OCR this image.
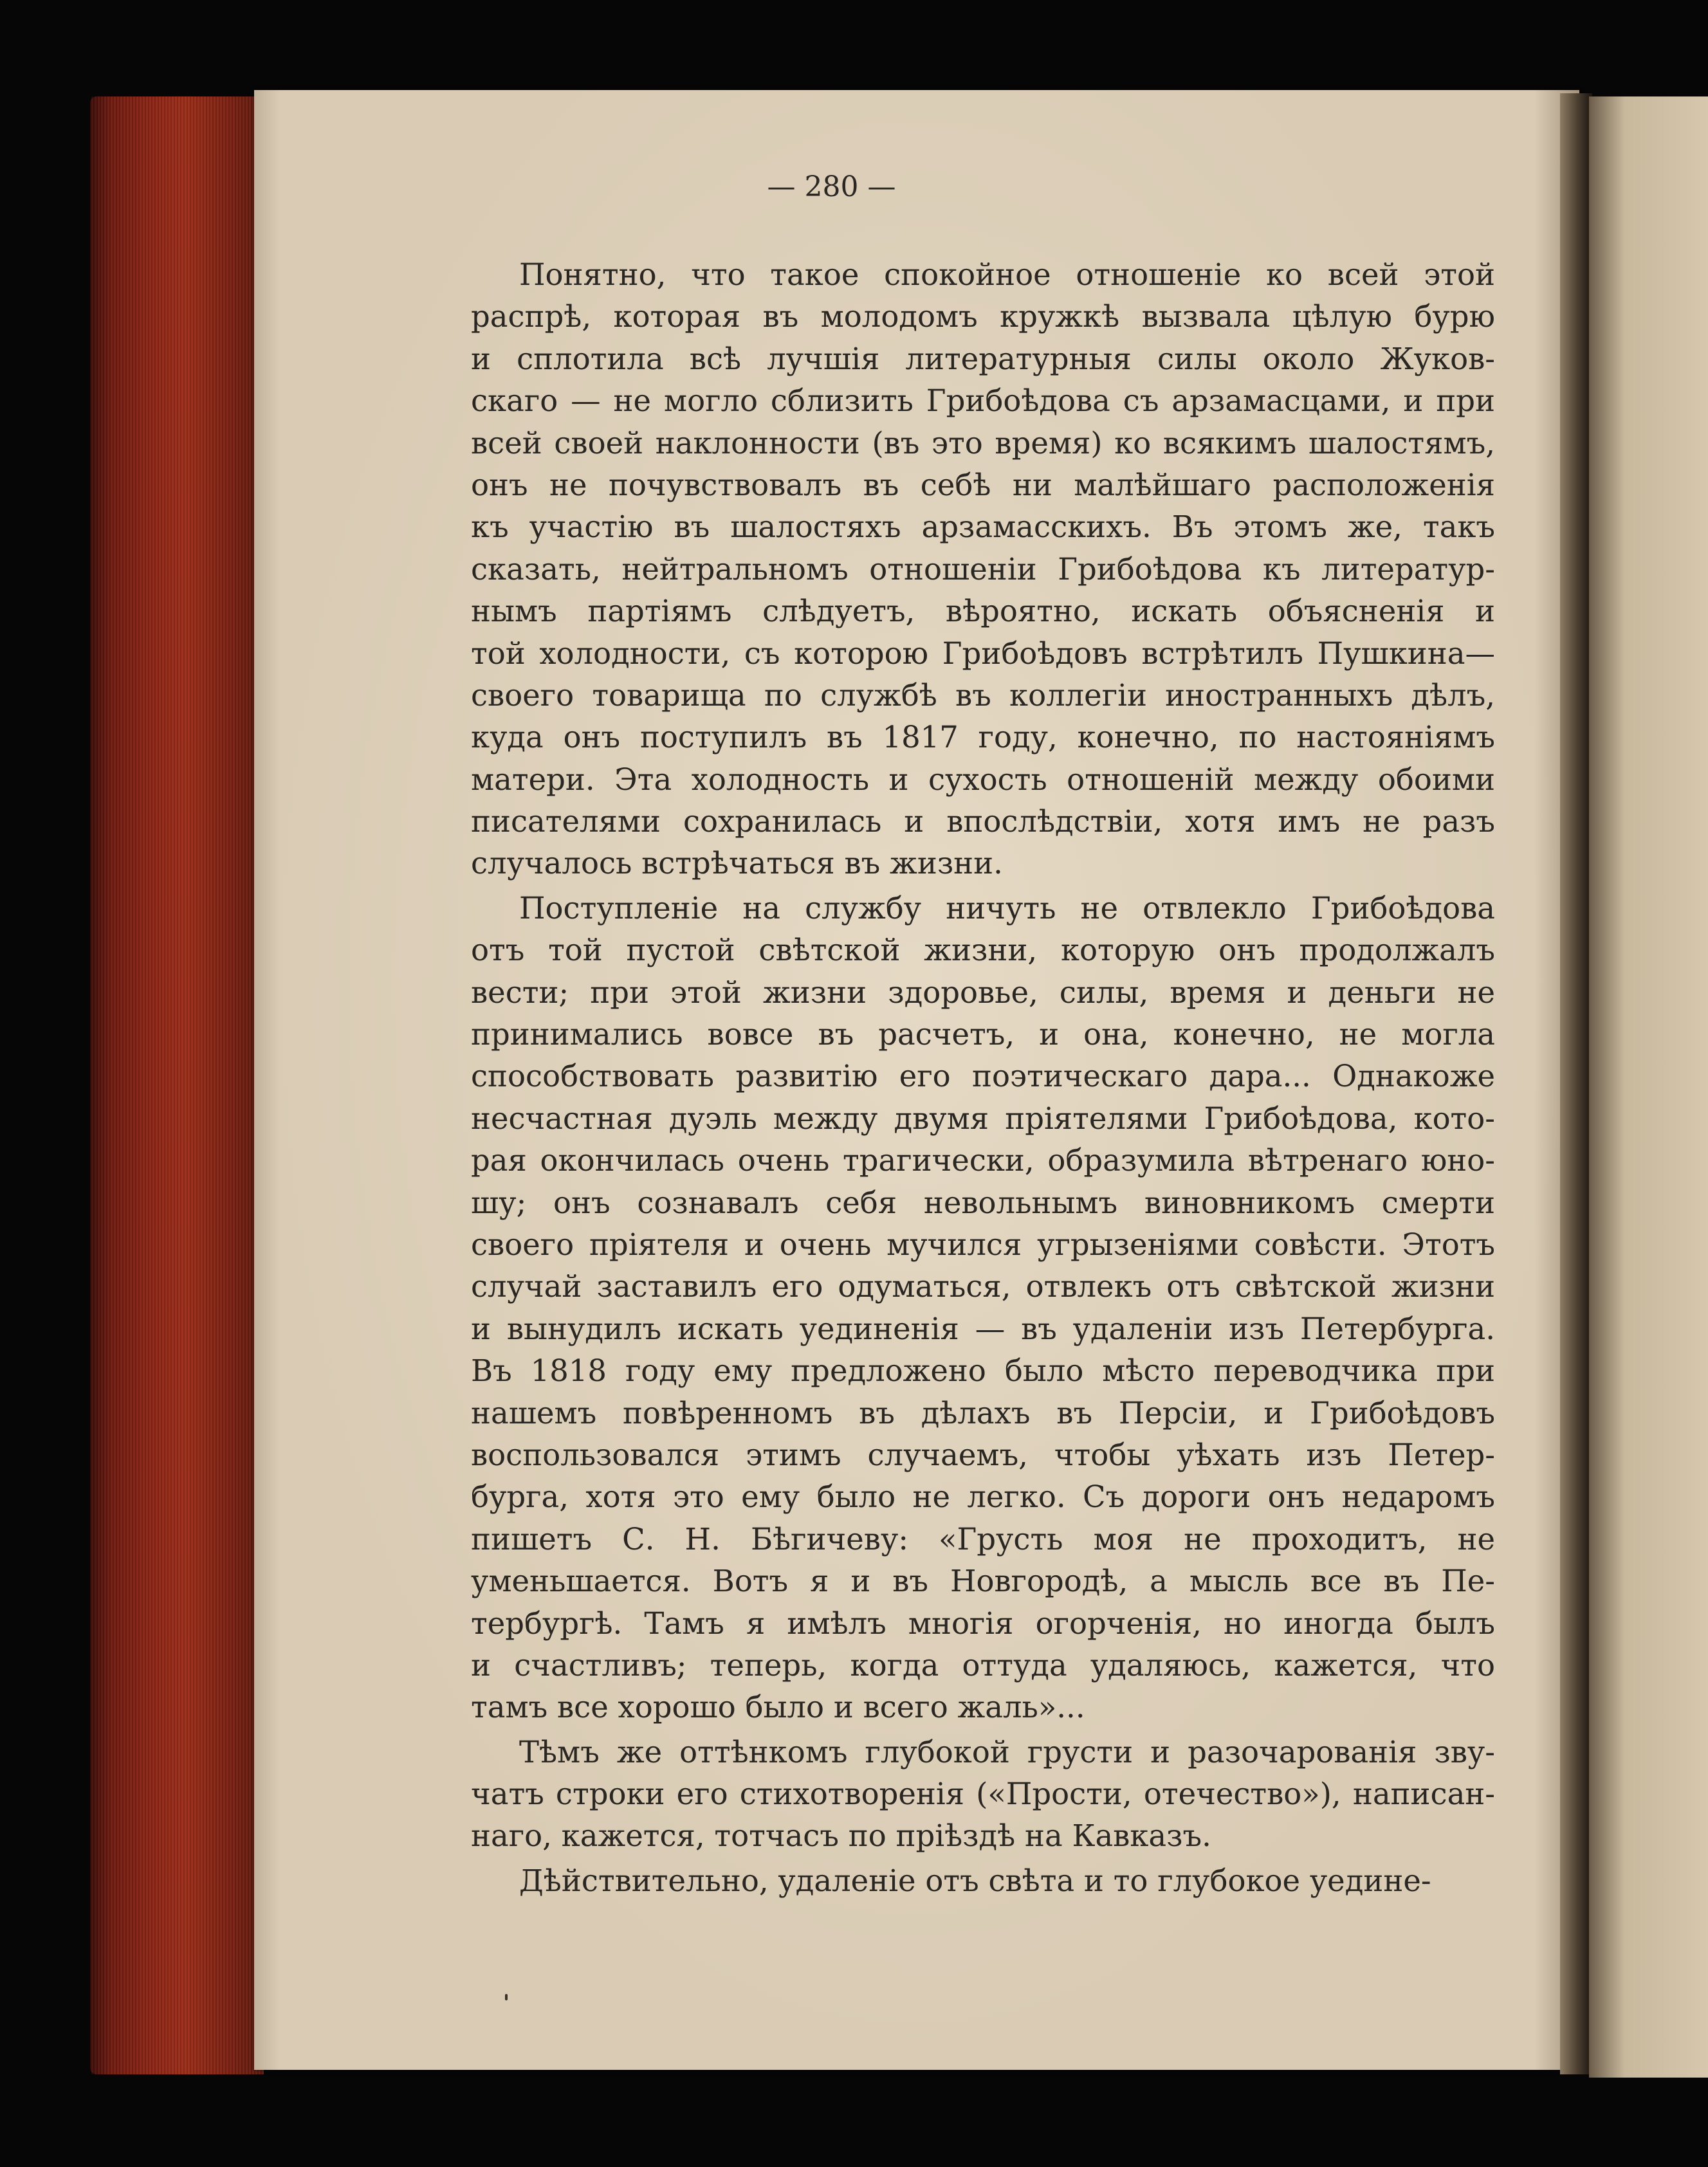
— 280 —
Понятно, что такое спокойное отношеніе ко всей этой
распрѣ, которая въ молодомъ кружкѣ вызвала цѣлую бурю
и сплотила всѣ лучшія литературныя силы около Жуков-
скаго — не могло сблизить Грибоѣдова съ арзамасцами, и при
всей своей наклонности (въ это время) ко всякимъ шалостямъ,
онъ не почувствовалъ въ себѣ ни малѣйшаго расположенія
къ участію въ шалостяхъ арзамасскихъ. Въ этомъ же, такъ
сказать, нейтральномъ отношеніи Грибоѣдова къ литератур-
нымъ партіямъ слѣдуетъ, вѣроятно, искать объясненія и
той холодности, съ которою Грибоѣдовъ встрѣтилъ Пушкина—
своего товарища по службѣ въ коллегіи иностранныхъ дѣлъ,
куда онъ поступилъ въ 1817 году, конечно, по настояніямъ
матери. Эта холодность и сухость отношеній между обоими
писателями сохранилась и впослѣдствіи, хотя имъ не разъ
случалось встрѣчаться въ жизни.
Поступленіе на службу ничуть не отвлекло Грибоѣдова
отъ той пустой свѣтской жизни, которую онъ продолжалъ
вести; при этой жизни здоровье, силы, время и деньги не
принимались вовсе въ расчетъ, и она, конечно, не могла
способствовать развитію его поэтическаго дара... Однакоже
несчастная дуэль между двумя пріятелями Грибоѣдова, кото-
рая окончилась очень трагически, образумила вѣтренаго юно-
шу; онъ сознавалъ себя невольнымъ виновникомъ смерти
своего пріятеля и очень мучился угрызеніями совѣсти. Этотъ
случай заставилъ его одуматься, отвлекъ отъ свѣтской жизни
и вынудилъ искать уединенія — въ удаленіи изъ Петербурга.
Въ 1818 году ему предложено было мѣсто переводчика при
нашемъ повѣренномъ въ дѣлахъ въ Персіи, и Грибоѣдовъ
воспользовался этимъ случаемъ, чтобы уѣхать изъ Петер-
бурга, хотя это ему было не легко. Съ дороги онъ недаромъ
пишетъ С. Н. Бѣгичеву: «Грусть моя не проходитъ, не
уменьшается. Вотъ я и въ Новгородѣ, а мысль все въ Пе-
тербургѣ. Тамъ я имѣлъ многія огорченія, но иногда былъ
и счастливъ; теперь, когда оттуда удаляюсь, кажется, что
тамъ все хорошо было и всего жаль»...
Тѣмъ же оттѣнкомъ глубокой грусти и разочарованія зву-
чатъ строки его стихотворенія («Прости, отечество»), написан-
наго, кажется, тотчасъ по пріѣздѣ на Кавказъ.
Дѣйствительно, удаленіе отъ свѣта и то глубокое уедине-
